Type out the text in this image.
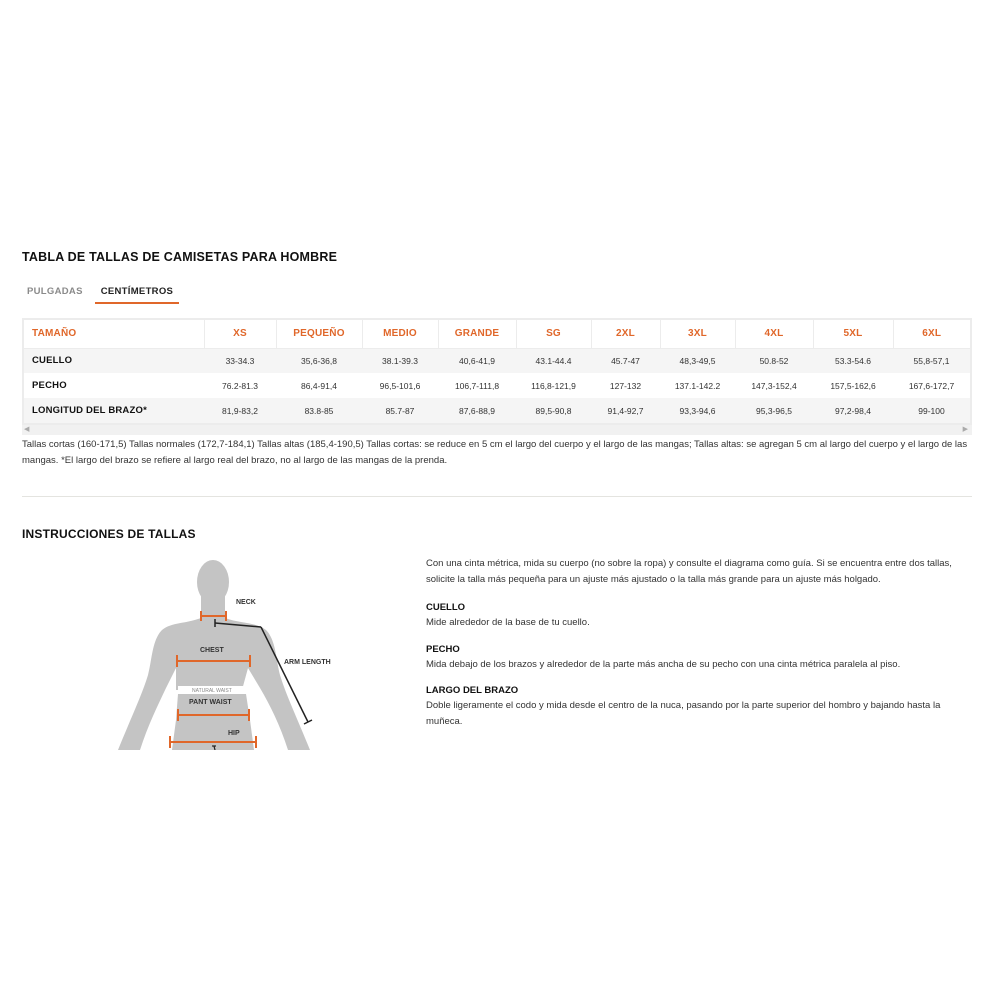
TABLA DE TALLAS DE CAMISETAS PARA HOMBRE
PULGADAS	CENTÍMETROS
TAMAÑO	XS	PEQUEÑO	MEDIO	GRANDE	SG	2XL	3XL	4XL	5XL	6XL
CUELLO	33-34.3	35,6-36,8	38.1-39.3	40,6-41,9	43.1-44.4	45.7-47	48,3-49,5	50.8-52	53.3-54.6	55,8-57,1
PECHO	76.2-81.3	86,4-91,4	96,5-101,6	106,7-111,8	116,8-121,9	127-132	137.1-142.2	147,3-152,4	157,5-162,6	167,6-172,7
LONGITUD DEL BRAZO*	81,9-83,2	83.8-85	85.7-87	87,6-88,9	89,5-90,8	91,4-92,7	93,3-94,6	95,3-96,5	97,2-98,4	99-100
◀	▶
Tallas cortas (160-171,5) Tallas normales (172,7-184,1) Tallas altas (185,4-190,5) Tallas cortas: se reduce en 5 cm el largo del cuerpo y el largo de las mangas; Tallas altas: se agregan 5 cm al largo del cuerpo y el largo de las mangas. *El largo del brazo se refiere al largo real del brazo, no al largo de las mangas de la prenda.
INSTRUCCIONES DE TALLAS
NECK
CHEST
ARM LENGTH
NATURAL WAIST
PANT WAIST
HIP

Con una cinta métrica, mida su cuerpo (no sobre la ropa) y consulte el diagrama como guía. Si se encuentra entre dos tallas, solicite la talla más pequeña para un ajuste más ajustado o la talla más grande para un ajuste más holgado.

CUELLO
Mide alrededor de la base de tu cuello.
PECHO
Mida debajo de los brazos y alrededor de la parte más ancha de su pecho con una cinta métrica paralela al piso.
LARGO DEL BRAZO
Doble ligeramente el codo y mida desde el centro de la nuca, pasando por la parte superior del hombro y bajando hasta la muñeca.
